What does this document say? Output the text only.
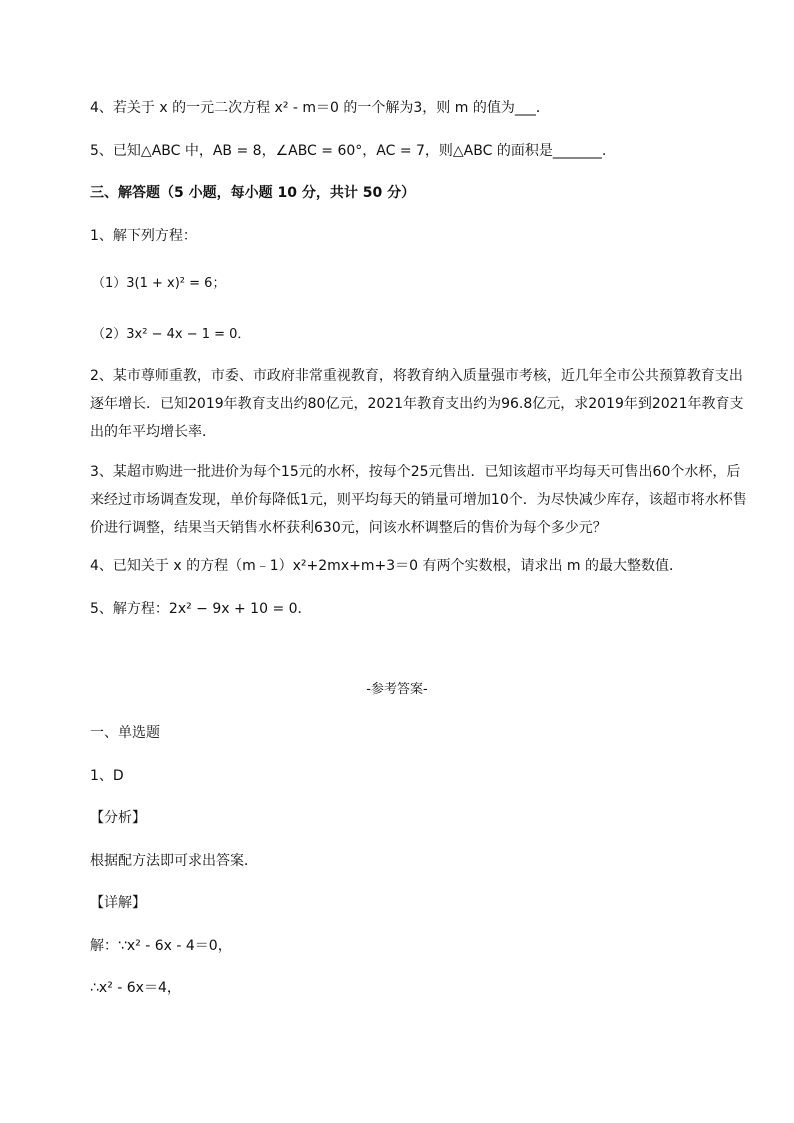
4、若关于 x 的一元二次方程 x² - m＝0 的一个解为3，则 m 的值为___．
5、已知△ABC 中，AB = 8，∠ABC = 60°，AC = 7，则△ABC 的面积是_______.
三、解答题（5 小题，每小题 10 分，共计 50 分）
1、解下列方程：
（1）3(1 + x)² = 6；
（2）3x² − 4x − 1 = 0．
2、某市尊师重教，市委、市政府非常重视教育，将教育纳入质量强市考核，近几年全市公共预算教育支出逐年增长．已知2019年教育支出约80亿元，2021年教育支出约为96.8亿元，求2019年到2021年教育支出的年平均增长率．
3、某超市购进一批进价为每个15元的水杯，按每个25元售出．已知该超市平均每天可售出60个水杯，后来经过市场调查发现，单价每降低1元，则平均每天的销量可增加10个．为尽快减少库存，该超市将水杯售价进行调整，结果当天销售水杯获利630元，问该水杯调整后的售价为每个多少元？
4、已知关于 x 的方程（m﹣1）x²+2mx+m+3＝0 有两个实数根，请求出 m 的最大整数值．
5、解方程：2x² − 9x + 10 = 0．
-参考答案-
一、单选题
1、D
【分析】
根据配方法即可求出答案．
【详解】
解：∵x² - 6x - 4＝0，
∴x² - 6x＝4，
